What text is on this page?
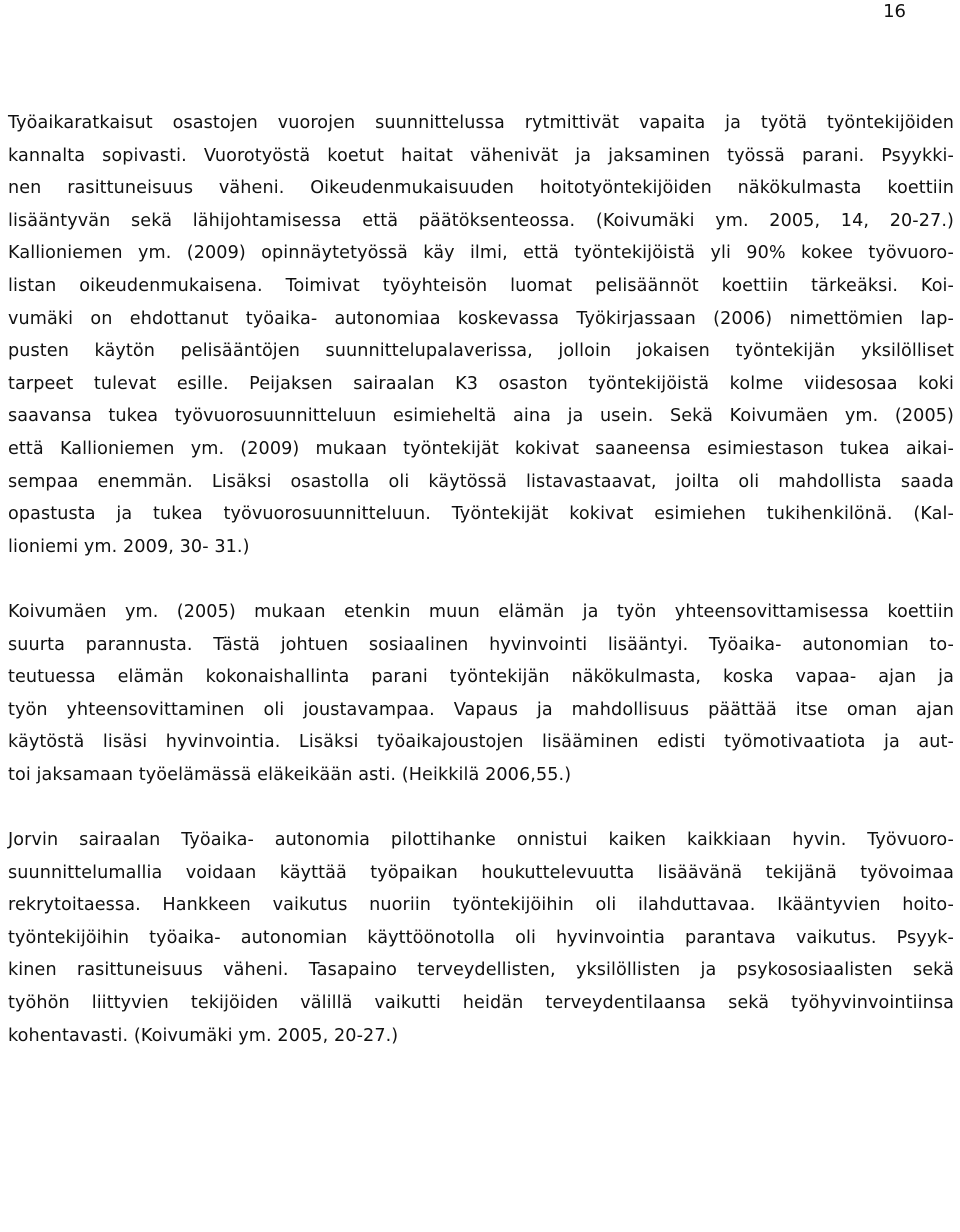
16
Työaikaratkaisut osastojen vuorojen suunnittelussa rytmittivät vapaita ja työtä työntekijöiden
kannalta sopivasti. Vuorotyöstä koetut haitat vähenivät ja jaksaminen työssä parani. Psyykki-
nen rasittuneisuus väheni. Oikeudenmukaisuuden hoitotyöntekijöiden näkökulmasta koettiin
lisääntyvän sekä lähijohtamisessa että päätöksenteossa. (Koivumäki ym. 2005, 14, 20-27.)
Kallioniemen ym. (2009) opinnäytetyössä käy ilmi, että työntekijöistä yli 90% kokee työvuoro-
listan oikeudenmukaisena. Toimivat työyhteisön luomat pelisäännöt koettiin tärkeäksi. Koi-
vumäki on ehdottanut työaika- autonomiaa koskevassa Työkirjassaan (2006) nimettömien lap-
pusten käytön pelisääntöjen suunnittelupalaverissa, jolloin jokaisen työntekijän yksilölliset
tarpeet tulevat esille. Peijaksen sairaalan K3 osaston työntekijöistä kolme viidesosaa koki
saavansa tukea työvuorosuunnitteluun esimieheltä aina ja usein. Sekä Koivumäen ym. (2005)
että Kallioniemen ym. (2009) mukaan työntekijät kokivat saaneensa esimiestason tukea aikai-
sempaa enemmän. Lisäksi osastolla oli käytössä listavastaavat, joilta oli mahdollista saada
opastusta ja tukea työvuorosuunnitteluun. Työntekijät kokivat esimiehen tukihenkilönä. (Kal-
lioniemi ym. 2009, 30- 31.)
Koivumäen ym. (2005) mukaan etenkin muun elämän ja työn yhteensovittamisessa koettiin
suurta parannusta. Tästä johtuen sosiaalinen hyvinvointi lisääntyi. Työaika- autonomian to-
teutuessa elämän kokonaishallinta parani työntekijän näkökulmasta, koska vapaa- ajan ja
työn yhteensovittaminen oli joustavampaa. Vapaus ja mahdollisuus päättää itse oman ajan
käytöstä lisäsi hyvinvointia. Lisäksi työaikajoustojen lisääminen edisti työmotivaatiota ja aut-
toi jaksamaan työelämässä eläkeikään asti. (Heikkilä 2006,55.)
Jorvin sairaalan Työaika- autonomia pilottihanke onnistui kaiken kaikkiaan hyvin. Työvuoro-
suunnittelumallia voidaan käyttää työpaikan houkuttelevuutta lisäävänä tekijänä työvoimaa
rekrytoitaessa. Hankkeen vaikutus nuoriin työntekijöihin oli ilahduttavaa. Ikääntyvien hoito-
työntekijöihin työaika- autonomian käyttöönotolla oli hyvinvointia parantava vaikutus. Psyyk-
kinen rasittuneisuus väheni. Tasapaino terveydellisten, yksilöllisten ja psykososiaalisten sekä
työhön liittyvien tekijöiden välillä vaikutti heidän terveydentilaansa sekä työhyvinvointiinsa
kohentavasti. (Koivumäki ym. 2005, 20-27.)
